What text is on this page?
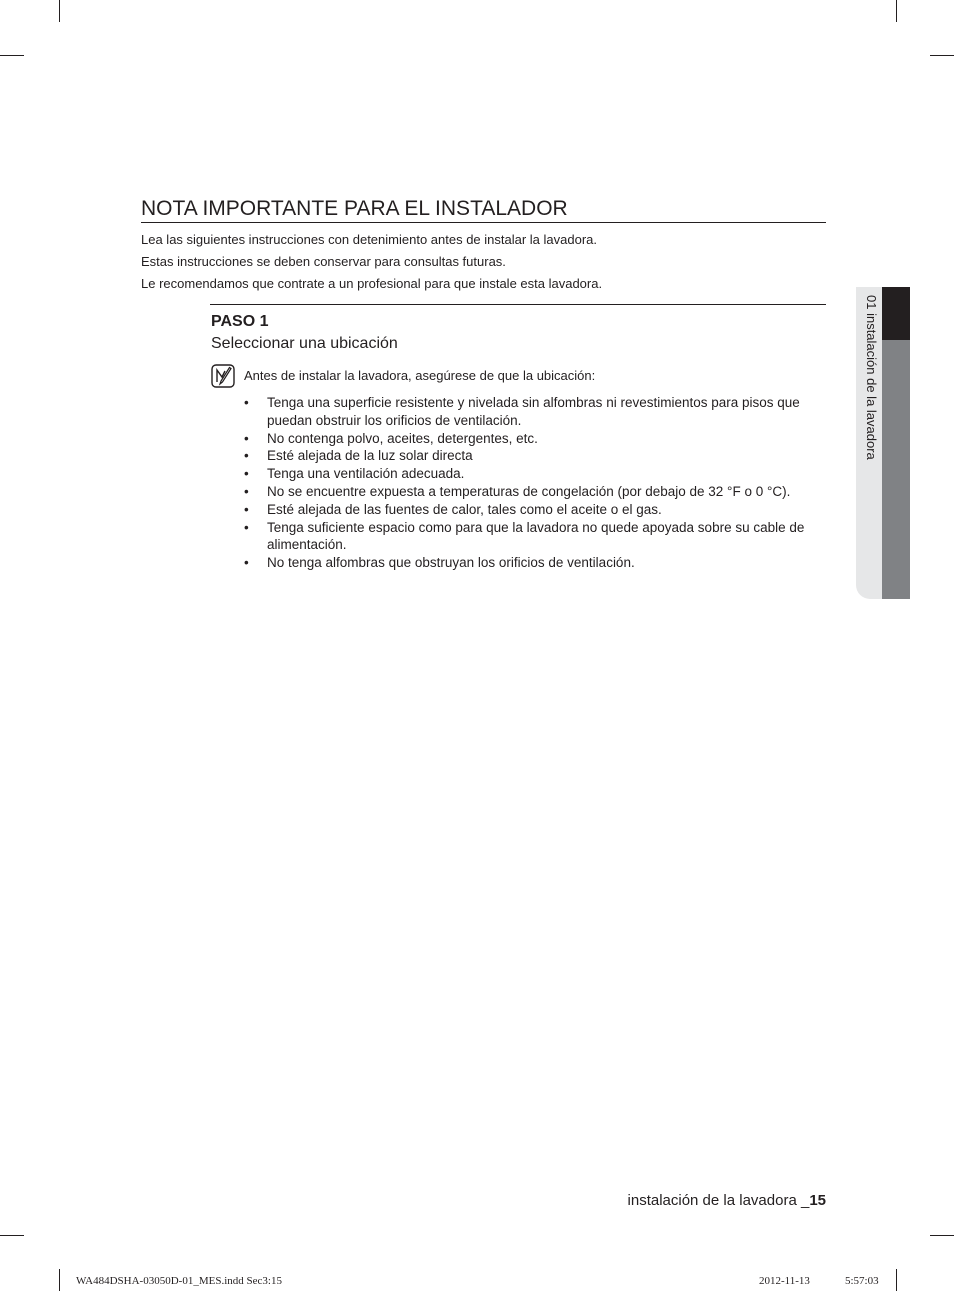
NOTA IMPORTANTE PARA EL INSTALADOR

Lea las siguientes instrucciones con detenimiento antes de instalar la lavadora.

Estas instrucciones se deben conservar para consultas futuras.

Le recomendamos que contrate a un profesional para que instale esta lavadora.

PASO 1
Seleccionar una ubicación
Antes de instalar la lavadora, asegúrese de que la ubicación:
• Tenga una superficie resistente y nivelada sin alfombras ni revestimientos para pisos que puedan obstruir los orificios de ventilación.
• No contenga polvo, aceites, detergentes, etc.
• Esté alejada de la luz solar directa
• Tenga una ventilación adecuada.
• No se encuentre expuesta a temperaturas de congelación (por debajo de 32 °F o 0 °C).
• Esté alejada de las fuentes de calor, tales como el aceite o el gas.
• Tenga suficiente espacio como para que la lavadora no quede apoyada sobre su cable de alimentación.
• No tenga alfombras que obstruyan los orificios de ventilación.
01 instalación de la lavadora
instalación de la lavadora _15
WA484DSHA-03050D-01_MES.indd Sec3:15	2012-11-13	5:57:03
